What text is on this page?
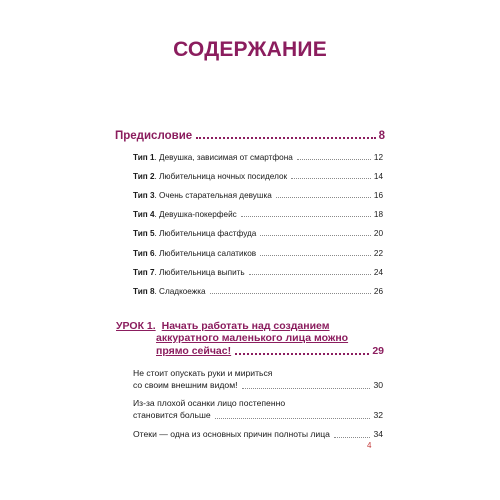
СОДЕРЖАНИЕ
Предисловие	8
Тип 1. Девушка, зависимая от смартфона	12
Тип 2. Любительница ночных посиделок	14
Тип 3. Очень старательная девушка	16
Тип 4. Девушка-покерфейс	18
Тип 5. Любительница фастфуда	20
Тип 6. Любительница салатиков	22
Тип 7. Любительница выпить	24
Тип 8. Сладкоежка	26
УРОК 1. Начать работать над созданием
аккуратного маленького лица можно
прямо сейчас!	29
Не стоит опускать руки и мириться
со своим внешним видом!	30
Из-за плохой осанки лицо постепенно
становится больше	32
Отеки — одна из основных причин полноты лица	34
4
